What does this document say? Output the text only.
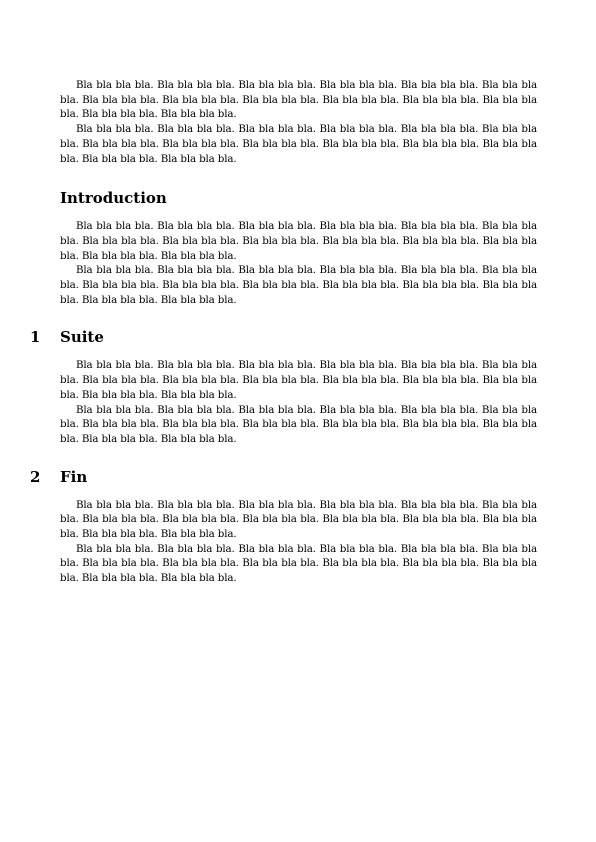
Bla bla bla bla. Bla bla bla bla. Bla bla bla bla. Bla bla bla bla. Bla bla bla bla. Bla bla bla bla. Bla bla bla bla. Bla bla bla bla. Bla bla bla bla. Bla bla bla bla. Bla bla bla bla. Bla bla bla bla. Bla bla bla bla. Bla bla bla bla.

Bla bla bla bla. Bla bla bla bla. Bla bla bla bla. Bla bla bla bla. Bla bla bla bla. Bla bla bla bla. Bla bla bla bla. Bla bla bla bla. Bla bla bla bla. Bla bla bla bla. Bla bla bla bla. Bla bla bla bla. Bla bla bla bla. Bla bla bla bla.

Introduction

Bla bla bla bla. Bla bla bla bla. Bla bla bla bla. Bla bla bla bla. Bla bla bla bla. Bla bla bla bla. Bla bla bla bla. Bla bla bla bla. Bla bla bla bla. Bla bla bla bla. Bla bla bla bla. Bla bla bla bla. Bla bla bla bla. Bla bla bla bla.

Bla bla bla bla. Bla bla bla bla. Bla bla bla bla. Bla bla bla bla. Bla bla bla bla. Bla bla bla bla. Bla bla bla bla. Bla bla bla bla. Bla bla bla bla. Bla bla bla bla. Bla bla bla bla. Bla bla bla bla. Bla bla bla bla. Bla bla bla bla.

1 Suite

Bla bla bla bla. Bla bla bla bla. Bla bla bla bla. Bla bla bla bla. Bla bla bla bla. Bla bla bla bla. Bla bla bla bla. Bla bla bla bla. Bla bla bla bla. Bla bla bla bla. Bla bla bla bla. Bla bla bla bla. Bla bla bla bla. Bla bla bla bla.

Bla bla bla bla. Bla bla bla bla. Bla bla bla bla. Bla bla bla bla. Bla bla bla bla. Bla bla bla bla. Bla bla bla bla. Bla bla bla bla. Bla bla bla bla. Bla bla bla bla. Bla bla bla bla. Bla bla bla bla. Bla bla bla bla. Bla bla bla bla.

2 Fin

Bla bla bla bla. Bla bla bla bla. Bla bla bla bla. Bla bla bla bla. Bla bla bla bla. Bla bla bla bla. Bla bla bla bla. Bla bla bla bla. Bla bla bla bla. Bla bla bla bla. Bla bla bla bla. Bla bla bla bla. Bla bla bla bla. Bla bla bla bla.

Bla bla bla bla. Bla bla bla bla. Bla bla bla bla. Bla bla bla bla. Bla bla bla bla. Bla bla bla bla. Bla bla bla bla. Bla bla bla bla. Bla bla bla bla. Bla bla bla bla. Bla bla bla bla. Bla bla bla bla. Bla bla bla bla. Bla bla bla bla.
